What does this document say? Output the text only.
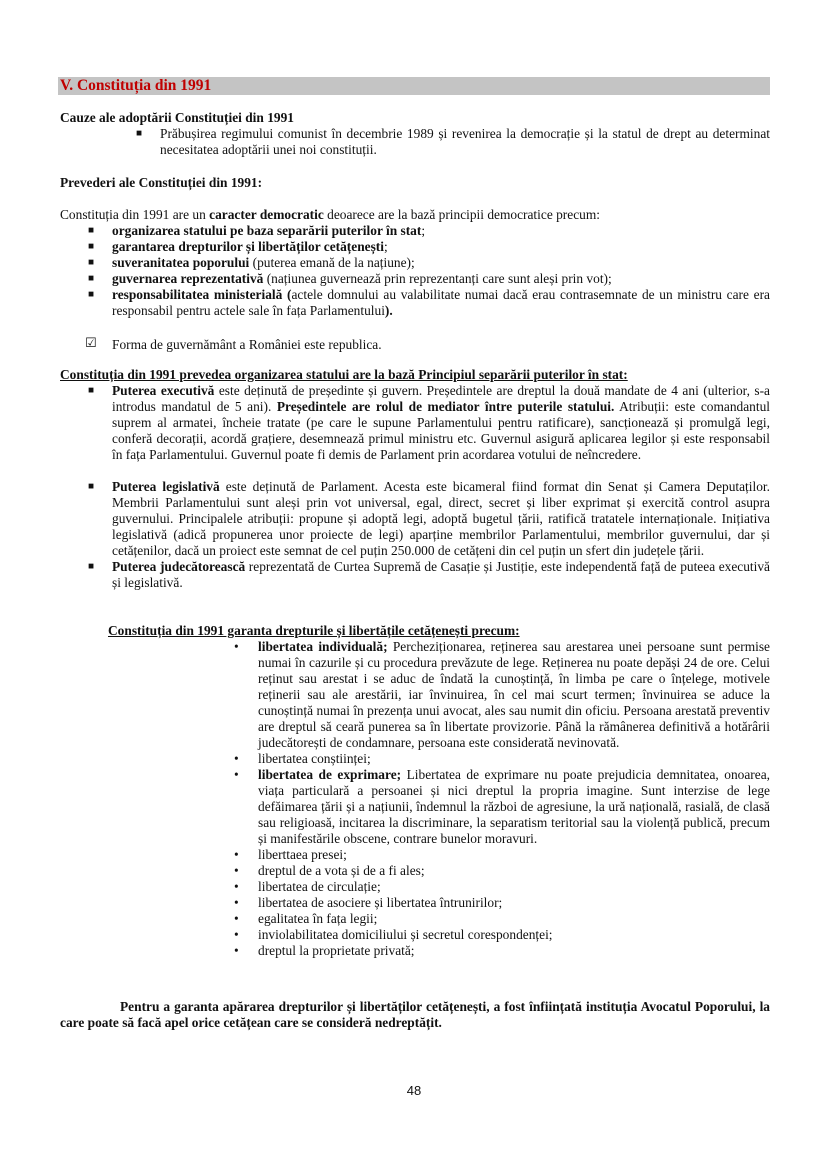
V. Constituția din 1991
Cauze ale adoptării Constituției din 1991
■ Prăbușirea regimului comunist în decembrie 1989 și revenirea la democrație și la statul de drept au determinat necesitatea adoptării unei noi constituții.
Prevederi ale Constituției din 1991:
Constituția din 1991 are un caracter democratic deoarece are la bază principii democratice precum:
■ organizarea statului pe baza separării puterilor în stat;
■ garantarea drepturilor și libertăților cetățenești;
■ suveranitatea poporului (puterea emană de la națiune);
■ guvernarea reprezentativă (națiunea guvernează prin reprezentanți care sunt aleși prin vot);
■ responsabilitatea ministerială (actele domnului au valabilitate numai dacă erau contrasemnate de un ministru care era responsabil pentru actele sale în fața Parlamentului).
☑ Forma de guvernământ a României este republica.
Constituția din 1991 prevedea organizarea statului are la bază Principiul separării puterilor în stat:
■ Puterea executivă este deținută de președinte și guvern. Președintele are dreptul la două mandate de 4 ani (ulterior, s-a introdus mandatul de 5 ani). Președintele are rolul de mediator între puterile statului. Atribuții: este comandantul suprem al armatei, încheie tratate (pe care le supune Parlamentului pentru ratificare), sancționează și promulgă legi, conferă decorații, acordă grațiere, desemnează primul ministru etc. Guvernul asigură aplicarea legilor și este responsabil în fața Parlamentului. Guvernul poate fi demis de Parlament prin acordarea votului de neîncredere.
■ Puterea legislativă este deținută de Parlament. Acesta este bicameral fiind format din Senat și Camera Deputaților. Membrii Parlamentului sunt aleși prin vot universal, egal, direct, secret și liber exprimat și exercită control asupra guvernului. Principalele atribuții: propune și adoptă legi, adoptă bugetul țării, ratifică tratatele internaționale. Inițiativa legislativă (adică propunerea unor proiecte de legi) aparține membrilor Parlamentului, membrilor guvernului, dar și cetățenilor, dacă un proiect este semnat de cel puțin 250.000 de cetățeni din cel puțin un sfert din județele țării.
■ Puterea judecătorească reprezentată de Curtea Supremă de Casație și Justiție, este independentă față de puteea executivă și legislativă.
Constituția din 1991 garanta drepturile și libertățile cetățenești precum:
• libertatea individuală; Percheziționarea, reținerea sau arestarea unei persoane sunt permise numai în cazurile și cu procedura prevăzute de lege. Reținerea nu poate depăși 24 de ore. Celui reținut sau arestat i se aduc de îndată la cunoștință, în limba pe care o înțelege, motivele reținerii sau ale arestării, iar învinuirea, în cel mai scurt termen; învinuirea se aduce la cunoștință numai în prezența unui avocat, ales sau numit din oficiu. Persoana arestată preventiv are dreptul să ceară punerea sa în libertate provizorie. Până la rămânerea definitivă a hotărârii judecătorești de condamnare, persoana este considerată nevinovată.
• libertatea conștiinței;
• libertatea de exprimare; Libertatea de exprimare nu poate prejudicia demnitatea, onoarea, viața particulară a persoanei și nici dreptul la propria imagine. Sunt interzise de lege defăimarea țării și a națiunii, îndemnul la război de agresiune, la ură națională, rasială, de clasă sau religioasă, incitarea la discriminare, la separatism teritorial sau la violență publică, precum și manifestările obscene, contrare bunelor moravuri.
• liberttaea presei;
• dreptul de a vota și de a fi ales;
• libertatea de circulație;
• libertatea de asociere și libertatea întrunirilor;
• egalitatea în fața legii;
• inviolabilitatea domiciliului și secretul corespondenței;
• dreptul la proprietate privată;
Pentru a garanta apărarea drepturilor și libertăților cetățenești, a fost înființată instituția Avocatul Poporului, la care poate să facă apel orice cetățean care se consideră nedreptățit.
48
